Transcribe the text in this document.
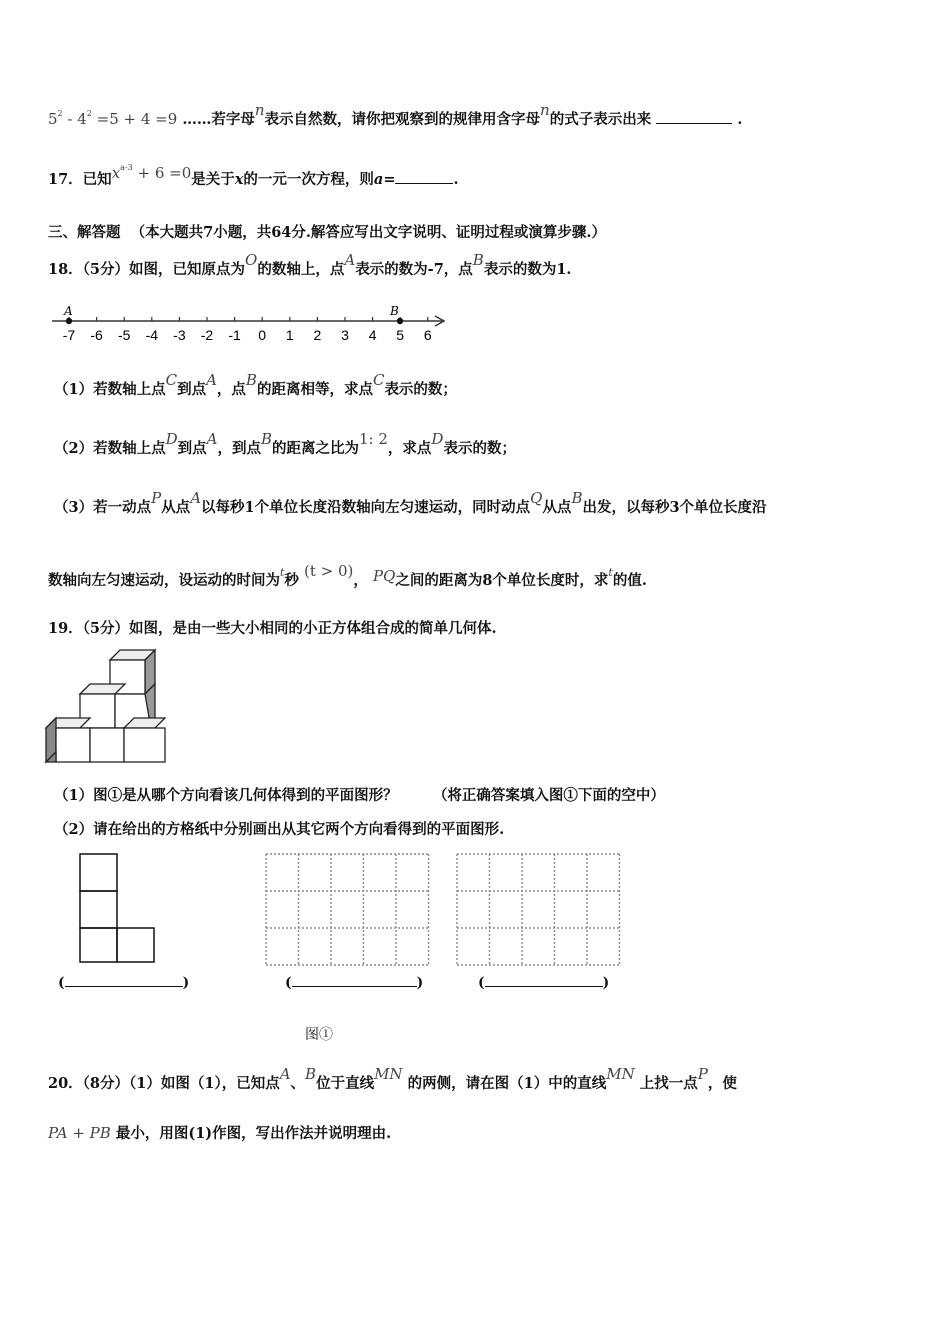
$5^2 - 4^2 =5 + 4 =9$ ……若字母n表示自然数，请你把观察到的规律用含字母n的式子表示出来	.
17．已知$x^{a-3} + 6 =0$是关于x的一元一次方程，则a=	.
三、解答题 （本大题共7小题，共64分.解答应写出文字说明、证明过程或演算步骤.）
18．（5分）如图，已知原点为O的数轴上，点A表示的数为-7，点B表示的数为1.
-7 -6 -5 -4 -3 -2 -1 0 1 2 3 4 5 6
A	B
（1）若数轴上点C到点A，点B的距离相等，求点C表示的数；
（2）若数轴上点D到点A，到点B的距离之比为1: 2，求点D表示的数；
（3）若一动点P从点A以每秒1个单位长度沿数轴向左匀速运动，同时动点Q从点B出发，以每秒3个单位长度沿
数轴向左匀速运动，设运动的时间为$^t$秒 (t > 0)， PQ之间的距离为8个单位长度时，求$^t$的值.
19．（5分）如图，是由一些大小相同的小正方体组合成的简单几何体.
（1）图①是从哪个方向看该几何体得到的平面图形？ （将正确答案填入图①下面的空中）
（2）请在给出的方格纸中分别画出从其它两个方向看得到的平面图形.
(	)	(	)	(	)
图①
20．（8分）（1）如图（1），已知点A、B位于直线MN 的两侧，请在图（1）中的直线MN 上找一点P，使
PA + PB 最小，用图(1)作图，写出作法并说明理由.
